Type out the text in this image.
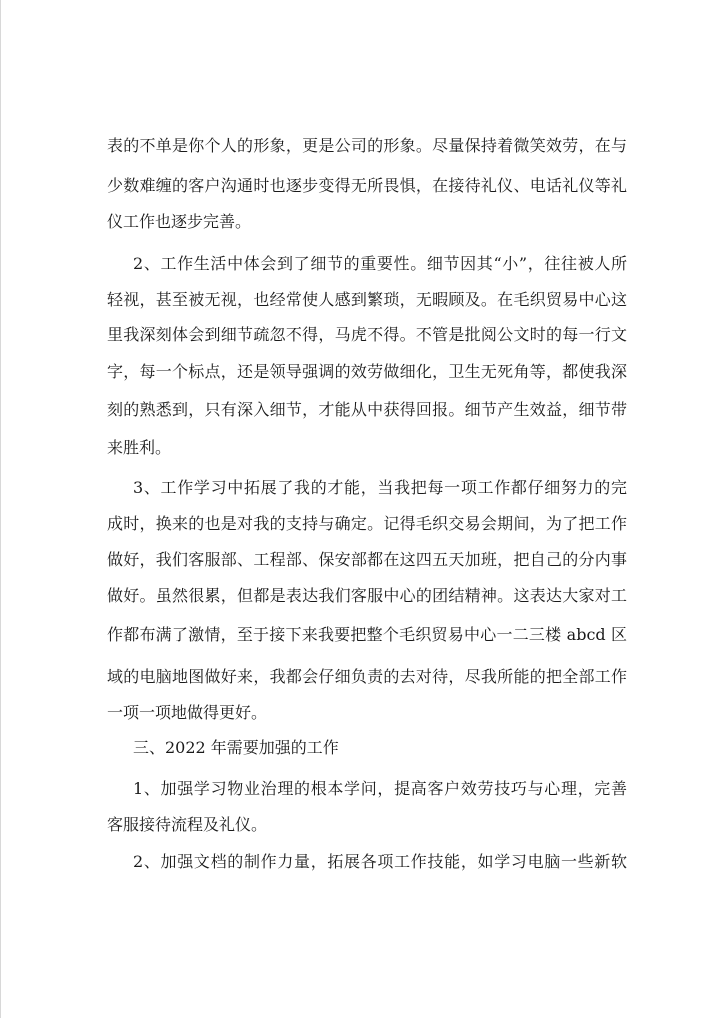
表的不单是你个人的形象，更是公司的形象。尽量保持着微笑效劳，在与
少数难缠的客户沟通时也逐步变得无所畏惧，在接待礼仪、电话礼仪等礼
仪工作也逐步完善。
2、工作生活中体会到了细节的重要性。细节因其“小”，往往被人所
轻视，甚至被无视，也经常使人感到繁琐，无暇顾及。在毛织贸易中心这
里我深刻体会到细节疏忽不得，马虎不得。不管是批阅公文时的每一行文
字，每一个标点，还是领导强调的效劳做细化，卫生无死角等，都使我深
刻的熟悉到，只有深入细节，才能从中获得回报。细节产生效益，细节带
来胜利。
3、工作学习中拓展了我的才能，当我把每一项工作都仔细努力的完
成时，换来的也是对我的支持与确定。记得毛织交易会期间，为了把工作
做好，我们客服部、工程部、保安部都在这四五天加班，把自己的分内事
做好。虽然很累，但都是表达我们客服中心的团结精神。这表达大家对工
作都布满了激情，至于接下来我要把整个毛织贸易中心一二三楼 abcd 区
域的电脑地图做好来，我都会仔细负责的去对待，尽我所能的把全部工作
一项一项地做得更好。
三、2022 年需要加强的工作
1、加强学习物业治理的根本学问，提高客户效劳技巧与心理，完善
客服接待流程及礼仪。
2、加强文档的制作力量，拓展各项工作技能，如学习电脑一些新软
